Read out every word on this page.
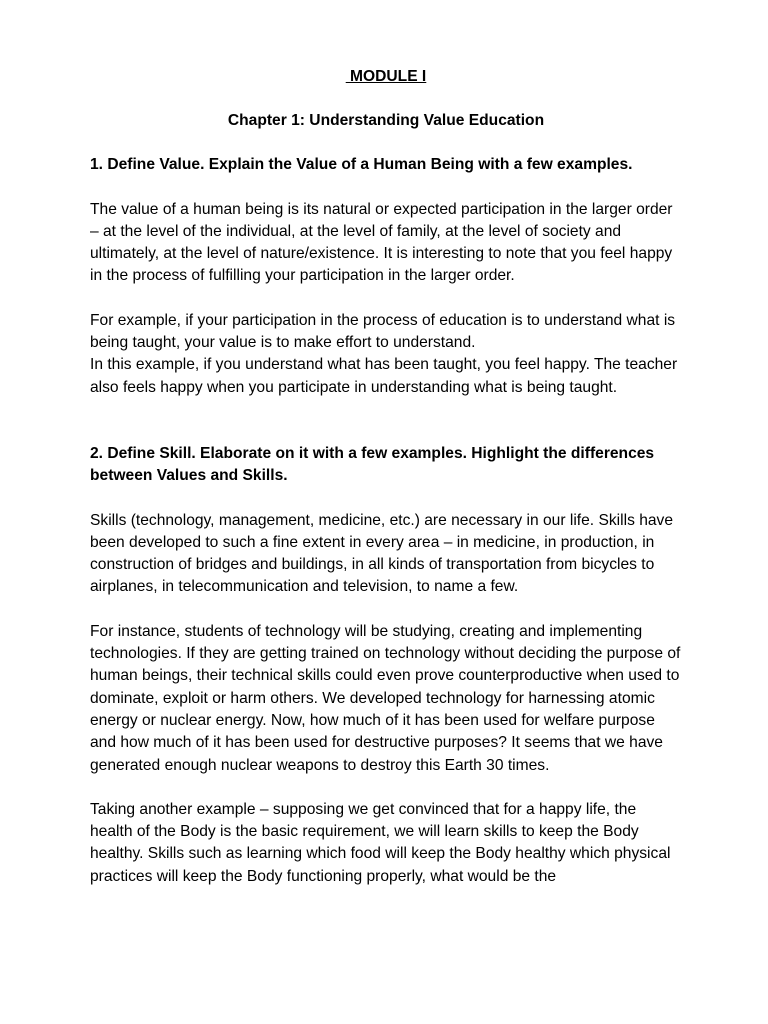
MODULE I

Chapter 1: Understanding Value Education

1. Define Value. Explain the Value of a Human Being with a few examples.

The value of a human being is its natural or expected participation in the larger order – at the level of the individual, at the level of family, at the level of society and ultimately, at the level of nature/existence. It is interesting to note that you feel happy in the process of fulfilling your participation in the larger order.

For example, if your participation in the process of education is to understand what is being taught, your value is to make effort to understand.

In this example, if you understand what has been taught, you feel happy. The teacher also feels happy when you participate in understanding what is being taught.

2. Define Skill. Elaborate on it with a few examples. Highlight the differences between Values and Skills.

Skills (technology, management, medicine, etc.) are necessary in our life. Skills have been developed to such a fine extent in every area – in medicine, in production, in construction of bridges and buildings, in all kinds of transportation from bicycles to airplanes, in telecommunication and television, to name a few.

For instance, students of technology will be studying, creating and implementing technologies. If they are getting trained on technology without deciding the purpose of human beings, their technical skills could even prove counterproductive when used to dominate, exploit or harm others. We developed technology for harnessing atomic energy or nuclear energy. Now, how much of it has been used for welfare purpose and how much of it has been used for destructive purposes? It seems that we have generated enough nuclear weapons to destroy this Earth 30 times.

Taking another example – supposing we get convinced that for a happy life, the health of the Body is the basic requirement, we will learn skills to keep the Body healthy. Skills such as learning which food will keep the Body healthy which physical practices will keep the Body functioning properly, what would be the
